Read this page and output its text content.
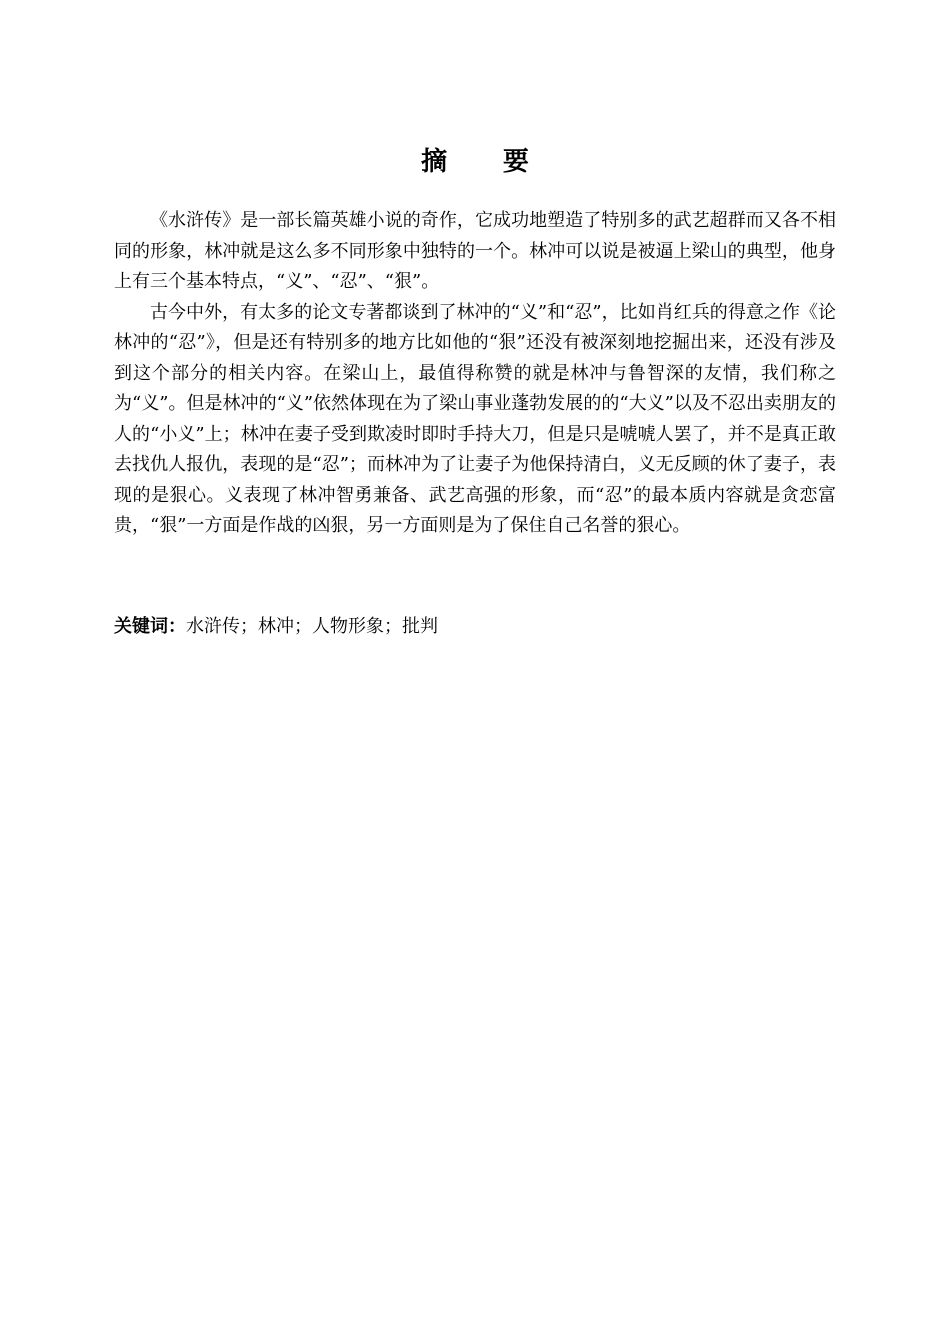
摘 要

《水浒传》是一部长篇英雄小说的奇作，它成功地塑造了特别多的武艺超群而又各不相同的形象，林冲就是这么多不同形象中独特的一个。林冲可以说是被逼上梁山的典型，他身上有三个基本特点，“义”、“忍”、“狠”。

古今中外，有太多的论文专著都谈到了林冲的“义”和“忍”，比如肖红兵的得意之作《论林冲的“忍”》，但是还有特别多的地方比如他的“狠”还没有被深刻地挖掘出来，还没有涉及到这个部分的相关内容。在梁山上，最值得称赞的就是林冲与鲁智深的友情，我们称之为“义”。但是林冲的“义”依然体现在为了梁山事业蓬勃发展的的“大义”以及不忍出卖朋友的人的“小义”上；林冲在妻子受到欺凌时即时手持大刀，但是只是唬唬人罢了，并不是真正敢去找仇人报仇，表现的是“忍”；而林冲为了让妻子为他保持清白，义无反顾的休了妻子，表现的是狠心。义表现了林冲智勇兼备、武艺高强的形象，而“忍”的最本质内容就是贪恋富贵，“狠”一方面是作战的凶狠，另一方面则是为了保住自己名誉的狠心。

关键词：水浒传；林冲；人物形象；批判
